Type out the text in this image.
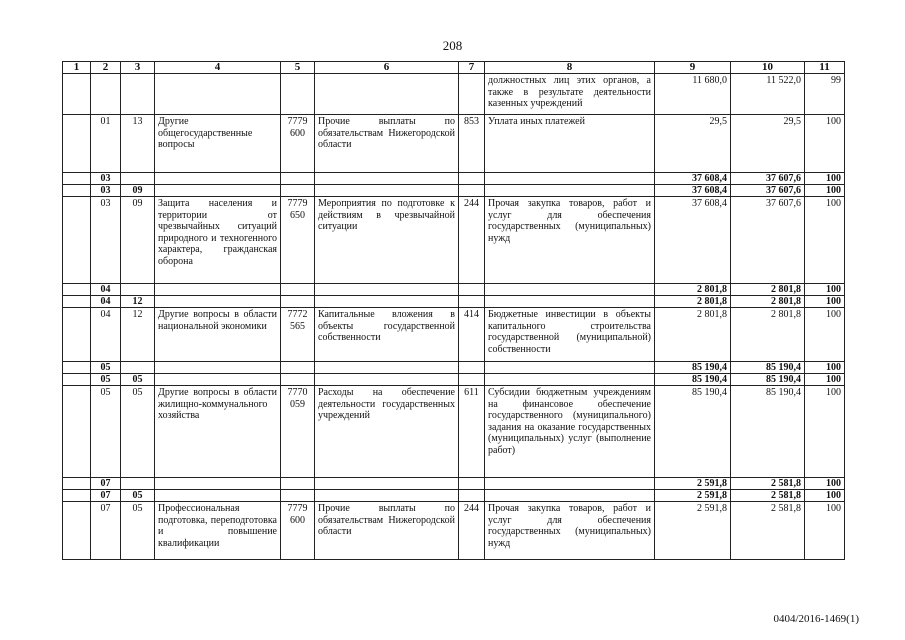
208
1	2	3	4	5	6	7	8	9	10	11
							должностных лиц этих органов, а также в результате деятельности казенных учреждений	11 680,0	11 522,0	99
	01	13	Другие общегосударственные вопросы	7779 600	Прочие выплаты по обязательствам Нижегородской области	853	Уплата иных платежей	29,5	29,5	100
	03							37 608,4	37 607,6	100
	03	09						37 608,4	37 607,6	100
	03	09	Защита населения и территории от чрезвычайных ситуаций природного и техногенного характера, гражданская оборона	7779 650	Мероприятия по подготовке к действиям в чрезвычайной ситуации	244	Прочая закупка товаров, работ и услуг для обеспечения государственных (муниципальных) нужд	37 608,4	37 607,6	100
	04							2 801,8	2 801,8	100
	04	12						2 801,8	2 801,8	100
	04	12	Другие вопросы в области национальной экономики	7772 565	Капитальные вложения в объекты государственной собственности	414	Бюджетные инвестиции в объекты капитального строительства государственной (муниципальной) собственности	2 801,8	2 801,8	100
	05							85 190,4	85 190,4	100
	05	05						85 190,4	85 190,4	100
	05	05	Другие вопросы в области жилищно-коммунального хозяйства	7770 059	Расходы на обеспечение деятельности государственных учреждений	611	Субсидии бюджетным учреждениям на финансовое обеспечение государственного (муниципального) задания на оказание государственных (муниципальных) услуг (выполнение работ)	85 190,4	85 190,4	100
	07							2 591,8	2 581,8	100
	07	05						2 591,8	2 581,8	100
	07	05	Профессиональная подготовка, переподготовка и повышение квалификации	7779 600	Прочие выплаты по обязательствам Нижегородской области	244	Прочая закупка товаров, работ и услуг для обеспечения государственных (муниципальных) нужд	2 591,8	2 581,8	100
0404/2016-1469(1)
